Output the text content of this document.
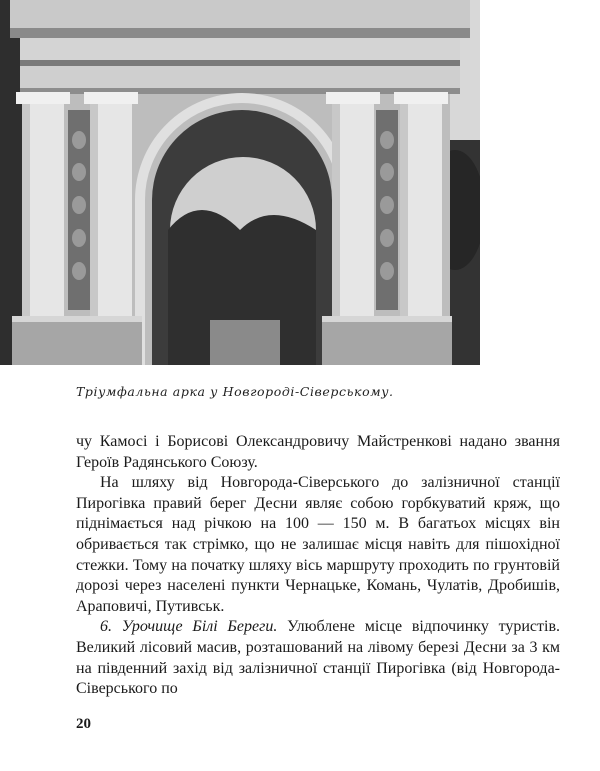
Тріумфальна арка у Новгороді-Сіверському.

чу Камосі і Борисові Олександровичу Майстренкові надано звання Героїв Радянського Союзу.

На шляху від Новгорода-Сіверського до залізничної станції Пирогівка правий берег Десни являє собою горбкуватий кряж, що піднімається над річкою на 100 — 150 м. В багатьох місцях він обривається так стрімко, що не залишає місця навіть для пішохідної стежки. Тому на початку шляху вісь маршруту проходить по грунтовій дорозі через населені пункти Чернацьке, Комань, Чулатів, Дробишів, Араповичі, Путивськ.

6. Урочище Білі Береги. Улюблене місце відпочинку туристів. Великий лісовий масив, розташований на лівому березі Десни за 3 км на південний захід від залізничної станції Пирогівка (від Новгорода-Сіверського по

20
